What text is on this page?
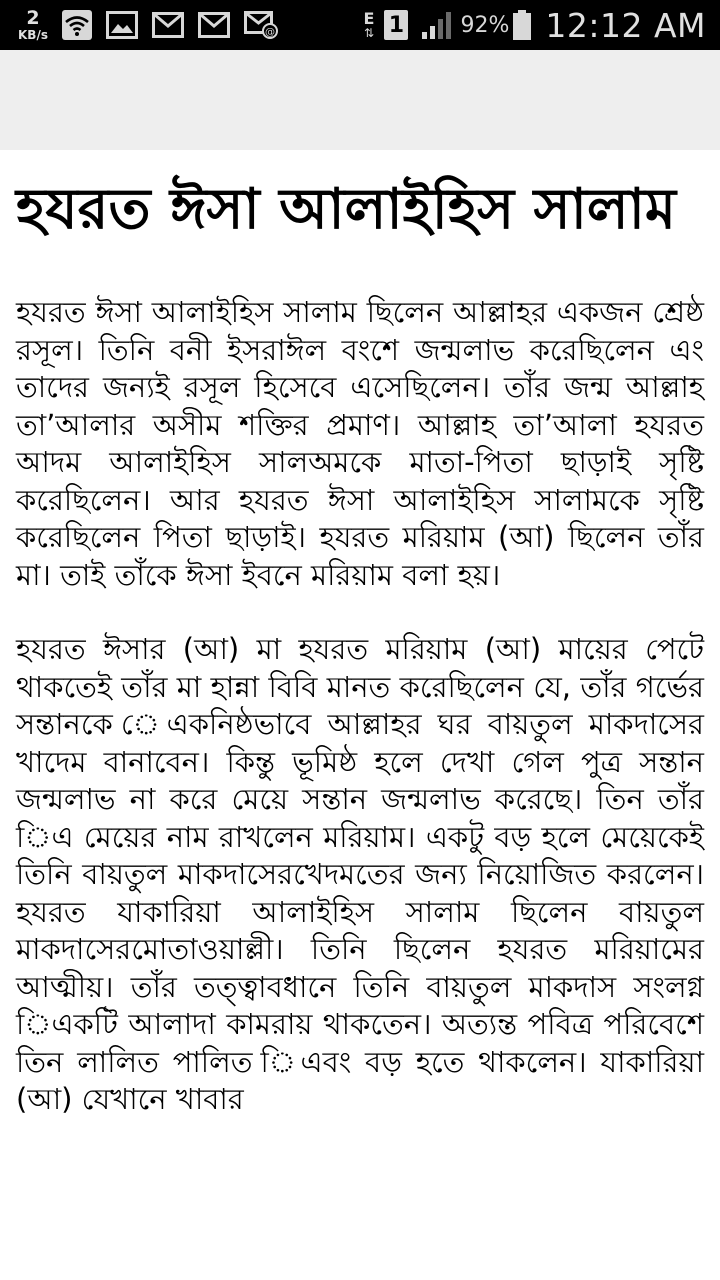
2
KB/s	@
E
⇅ 1	92% 12:12 AM
হযরত ঈসা আলাইহিস সালাম

হযরত ঈসা আলাইহিস সালাম ছিলেন আল্লাহর একজন শ্রেষ্ঠ রসূল। তিনি বনী ইসরাঈল বংশে জন্মলাভ করেছিলেন এং তাদের জন্যই রসূল হিসেবে এসেছিলেন। তাঁর জন্ম আল্লাহ তা’আলার অসীম শক্তির প্রমাণ। আল্লাহ তা’আলা হযরত আদম আলাইহিস সালঅমকে মাতা-পিতা ছাড়াই সৃষ্টি করেছিলেন। আর হযরত ঈসা আলাইহিস সালামকে সৃষ্টি করেছিলেন পিতা ছাড়াই। হযরত মরিয়াম (আ) ছিলেন তাঁর মা। তাই তাঁকে ঈসা ইবনে মরিয়াম বলা হয়।

হযরত ঈসার (আ) মা হযরত মরিয়াম (আ) মায়ের পেটে থাকতেই তাঁর মা হান্না বিবি মানত করেছিলেন যে, তাঁর গর্ভের সন্তানকে েএকনিষ্ঠভাবে আল্লাহর ঘর বায়তুল মাকদাসের খাদেম বানাবেন। কিন্তু ভূমিষ্ঠ হলে দেখা গেল পুত্র সন্তান জন্মলাভ না করে মেয়ে সন্তান জন্মলাভ করেছে। তিন তাঁর িএ মেয়ের নাম রাখলেন মরিয়াম। একটু বড় হলে মেয়েকেই তিনি বায়তুল মাকদাসেরখেদমতের জন্য নিয়োজিত করলেন। হযরত যাকারিয়া আলাইহিস সালাম ছিলেন বায়তুল মাকদাসেরমোতাওয়াল্লী। তিনি ছিলেন হযরত মরিয়ামের আত্মীয়। তাঁর তত্ত্বাবধানে তিনি বায়তুল মাকদাস সংলগ্ন িএকটি আলাদা কামরায় থাকতেন। অত্যন্ত পবিত্র পরিবেশে তিন লালিত পালিত িএবং বড় হতে থাকলেন। যাকারিয়া (আ) যেখানে খাবার
